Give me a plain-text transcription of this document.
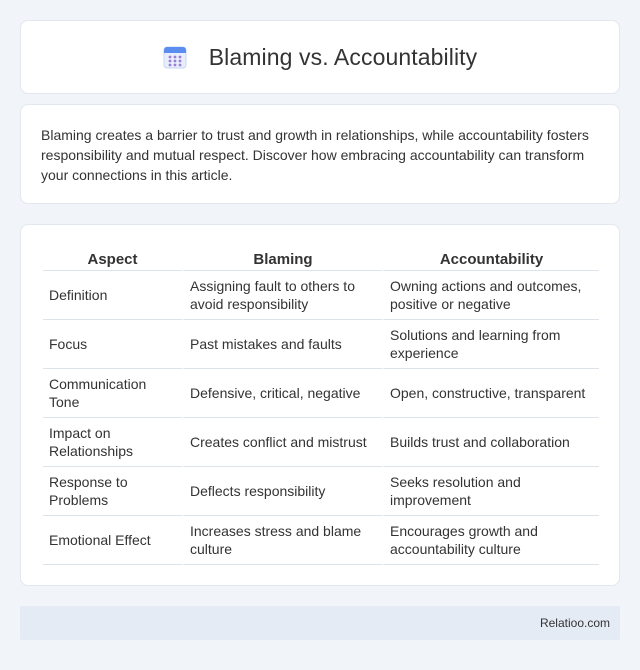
Blaming vs. Accountability

Blaming creates a barrier to trust and growth in relationships, while accountability fosters responsibility and mutual respect. Discover how embracing accountability can transform your connections in this article.

Aspect	Blaming	Accountability
Definition	Assigning fault to others to avoid responsibility	Owning actions and outcomes, positive or negative
Focus	Past mistakes and faults	Solutions and learning from experience
Communication Tone	Defensive, critical, negative	Open, constructive, transparent
Impact on Relationships	Creates conflict and mistrust	Builds trust and collaboration
Response to Problems	Deflects responsibility	Seeks resolution and improvement
Emotional Effect	Increases stress and blame culture	Encourages growth and accountability culture
Relatioo.com
